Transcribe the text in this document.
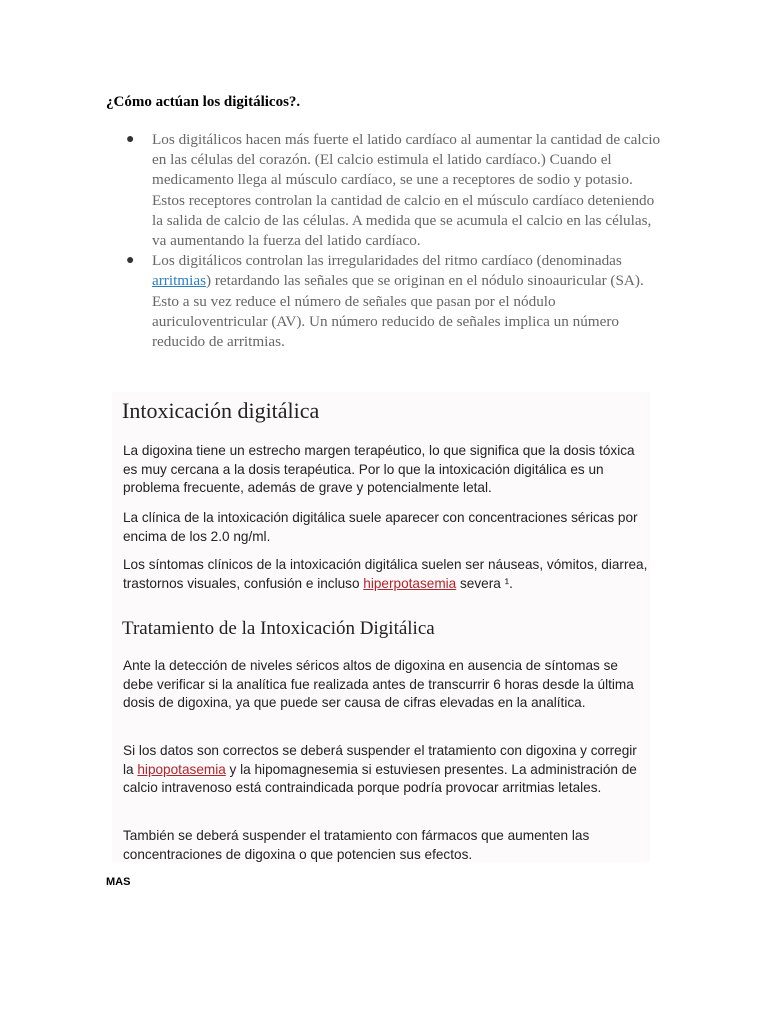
¿Cómo actúan los digitálicos?.

● Los digitálicos hacen más fuerte el latido cardíaco al aumentar la cantidad de calcio en las células del corazón. (El calcio estimula el latido cardíaco.) Cuando el medicamento llega al músculo cardíaco, se une a receptores de sodio y potasio. Estos receptores controlan la cantidad de calcio en el músculo cardíaco deteniendo la salida de calcio de las células. A medida que se acumula el calcio en las células, va aumentando la fuerza del latido cardíaco.
● Los digitálicos controlan las irregularidades del ritmo cardíaco (denominadas arritmias) retardando las señales que se originan en el nódulo sinoauricular (SA). Esto a su vez reduce el número de señales que pasan por el nódulo auriculoventricular (AV). Un número reducido de señales implica un número reducido de arritmias.
Intoxicación digitálica

La digoxina tiene un estrecho margen terapéutico, lo que significa que la dosis tóxica es muy cercana a la dosis terapéutica. Por lo que la intoxicación digitálica es un problema frecuente, además de grave y potencialmente letal.

La clínica de la intoxicación digitálica suele aparecer con concentraciones séricas por encima de los 2.0 ng/ml.

Los síntomas clínicos de la intoxicación digitálica suelen ser náuseas, vómitos, diarrea, trastornos visuales, confusión e incluso hiperpotasemia severa ¹.

Tratamiento de la Intoxicación Digitálica

Ante la detección de niveles séricos altos de digoxina en ausencia de síntomas se debe verificar si la analítica fue realizada antes de transcurrir 6 horas desde la última dosis de digoxina, ya que puede ser causa de cifras elevadas en la analítica.

Si los datos son correctos se deberá suspender el tratamiento con digoxina y corregir la hipopotasemia y la hipomagnesemia si estuviesen presentes. La administración de calcio intravenoso está contraindicada porque podría provocar arritmias letales.

También se deberá suspender el tratamiento con fármacos que aumenten las concentraciones de digoxina o que potencien sus efectos.

MAS
